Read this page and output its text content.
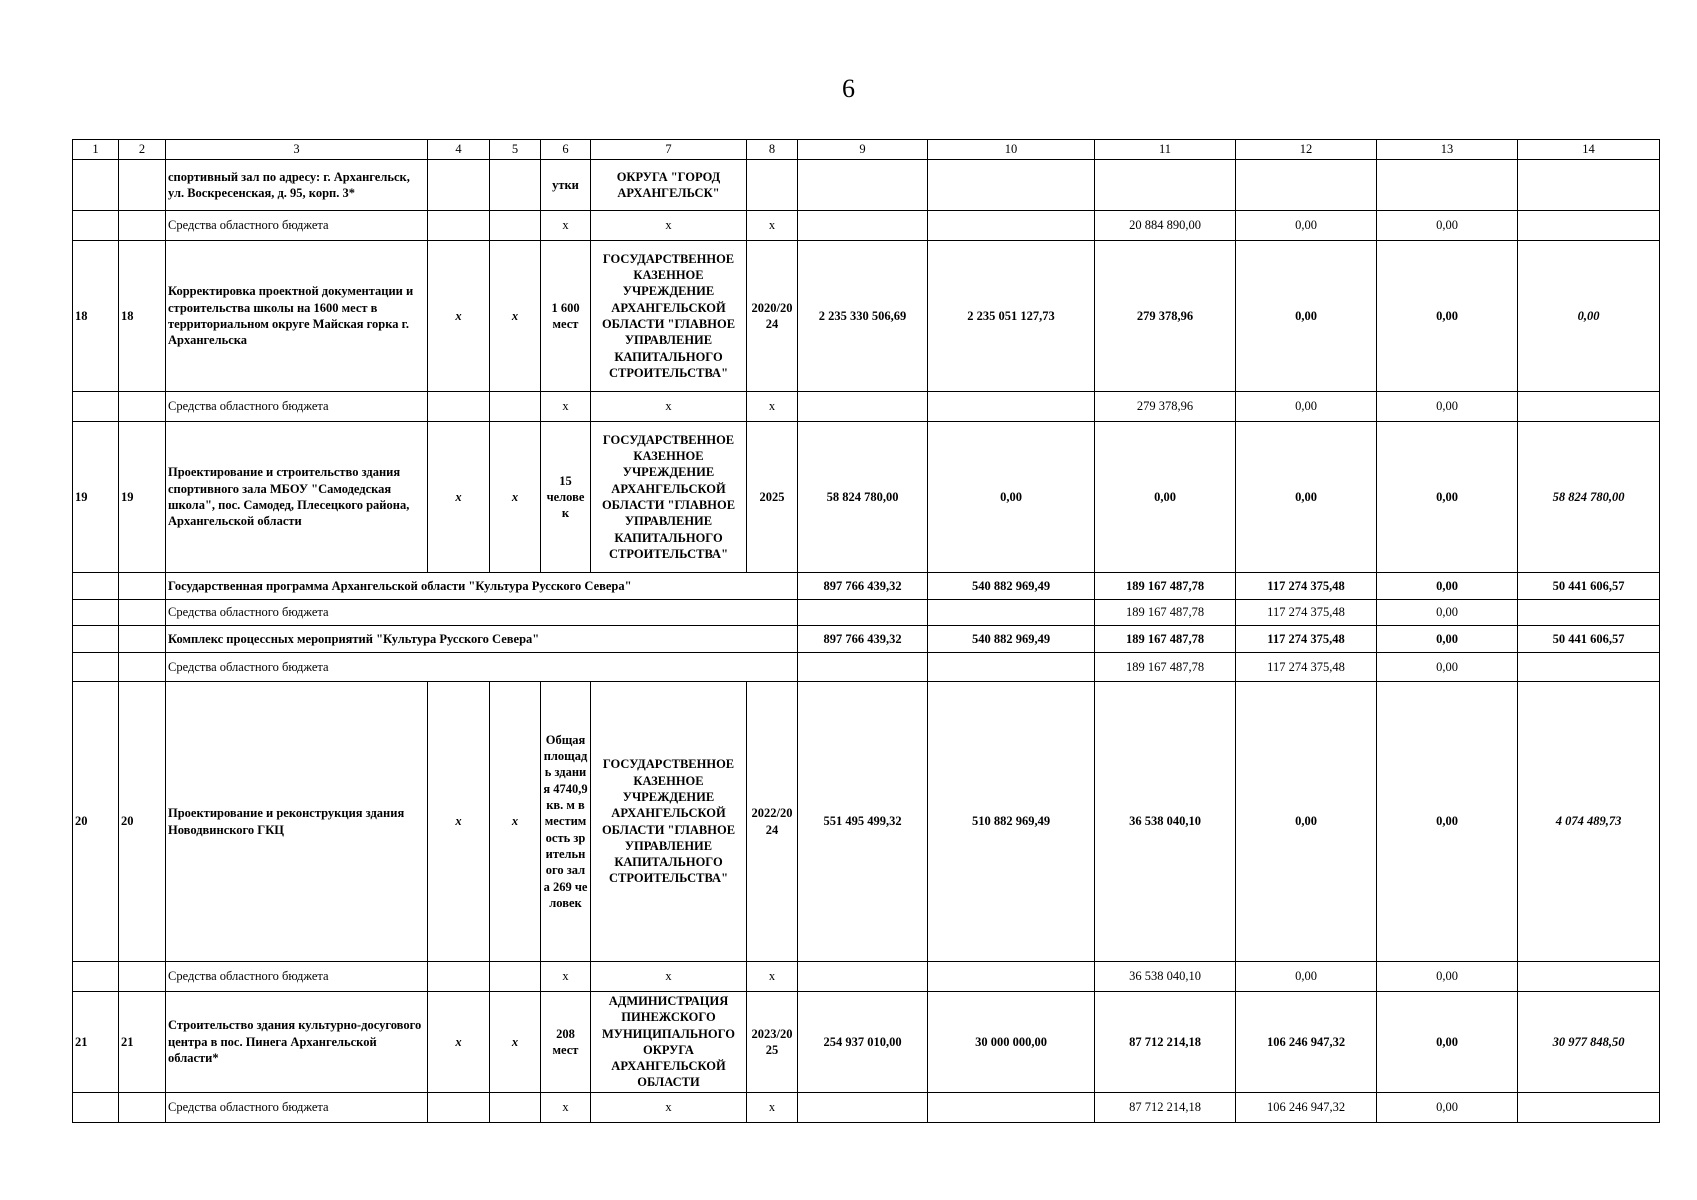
6
1	2	3	4	5	6	7	8	9	10	11	12	13	14
		спортивный зал по адресу: г. Архангельск, ул. Воскресенская, д. 95, корп. 3*			утки	ОКРУГА "ГОРОД АРХАНГЕЛЬСК"							
		Средства областного бюджета			x	x	x			20 884 890,00	0,00	0,00	
18	18	Корректировка проектной документации и строительства школы на 1600 мест в территориальном округе Майская горка г. Архангельска	x	x	1 600 мест	ГОСУДАРСТВЕННОЕ КАЗЕННОЕ УЧРЕЖДЕНИЕ АРХАНГЕЛЬСКОЙ ОБЛАСТИ "ГЛАВНОЕ УПРАВЛЕНИЕ КАПИТАЛЬНОГО СТРОИТЕЛЬСТВА"	2020/2024	2 235 330 506,69	2 235 051 127,73	279 378,96	0,00	0,00	0,00
		Средства областного бюджета			x	x	x			279 378,96	0,00	0,00	
19	19	Проектирование и строительство здания спортивного зала МБОУ "Самодедская школа", пос. Самодед, Плесецкого района, Архангельской области	x	x	15 человек	ГОСУДАРСТВЕННОЕ КАЗЕННОЕ УЧРЕЖДЕНИЕ АРХАНГЕЛЬСКОЙ ОБЛАСТИ "ГЛАВНОЕ УПРАВЛЕНИЕ КАПИТАЛЬНОГО СТРОИТЕЛЬСТВА"	2025	58 824 780,00	0,00	0,00	0,00	0,00	58 824 780,00
		Государственная программа Архангельской области "Культура Русского Севера"						897 766 439,32	540 882 969,49	189 167 487,78	117 274 375,48	0,00	50 441 606,57
		Средства областного бюджета								189 167 487,78	117 274 375,48	0,00	
		Комплекс процессных мероприятий "Культура Русского Севера"						897 766 439,32	540 882 969,49	189 167 487,78	117 274 375,48	0,00	50 441 606,57
		Средства областного бюджета								189 167 487,78	117 274 375,48	0,00	
20	20	Проектирование и реконструкция здания Новодвинского ГКЦ	x	x	Общая площадь здания 4740,9 кв. м вместимость зрительного зала 269 человек	ГОСУДАРСТВЕННОЕ КАЗЕННОЕ УЧРЕЖДЕНИЕ АРХАНГЕЛЬСКОЙ ОБЛАСТИ "ГЛАВНОЕ УПРАВЛЕНИЕ КАПИТАЛЬНОГО СТРОИТЕЛЬСТВА"	2022/2024	551 495 499,32	510 882 969,49	36 538 040,10	0,00	0,00	4 074 489,73
		Средства областного бюджета			x	x	x			36 538 040,10	0,00	0,00	
21	21	Строительство здания культурно-досугового центра в пос. Пинега Архангельской области*	x	x	208 мест	АДМИНИСТРАЦИЯ ПИНЕЖСКОГО МУНИЦИПАЛЬНОГО ОКРУГА АРХАНГЕЛЬСКОЙ ОБЛАСТИ	2023/2025	254 937 010,00	30 000 000,00	87 712 214,18	106 246 947,32	0,00	30 977 848,50
		Средства областного бюджета			x	x	x			87 712 214,18	106 246 947,32	0,00	
